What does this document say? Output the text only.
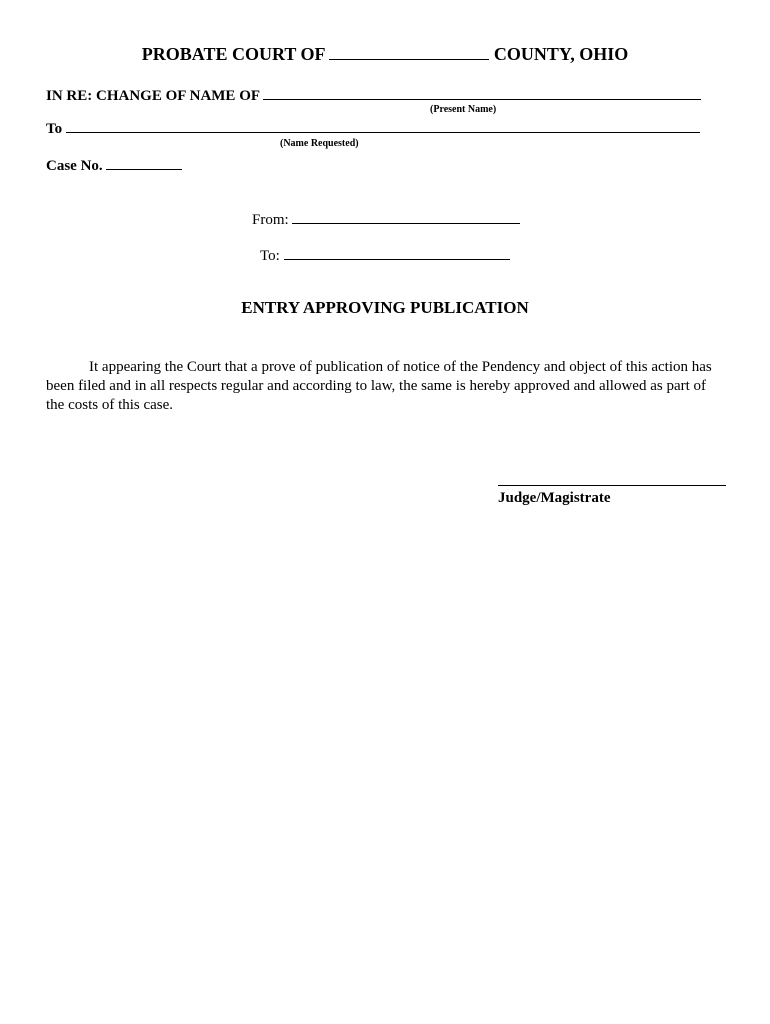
PROBATE COURT OF	COUNTY, OHIO
IN RE: CHANGE OF NAME OF
(Present Name)
To
(Name Requested)
Case No.
From:
To:
ENTRY APPROVING PUBLICATION
It appearing the Court that a prove of publication of notice of the Pendency and object of this action has been filed and in all respects regular and according to law, the same is hereby approved and allowed as part of the costs of this case.
Judge/Magistrate
